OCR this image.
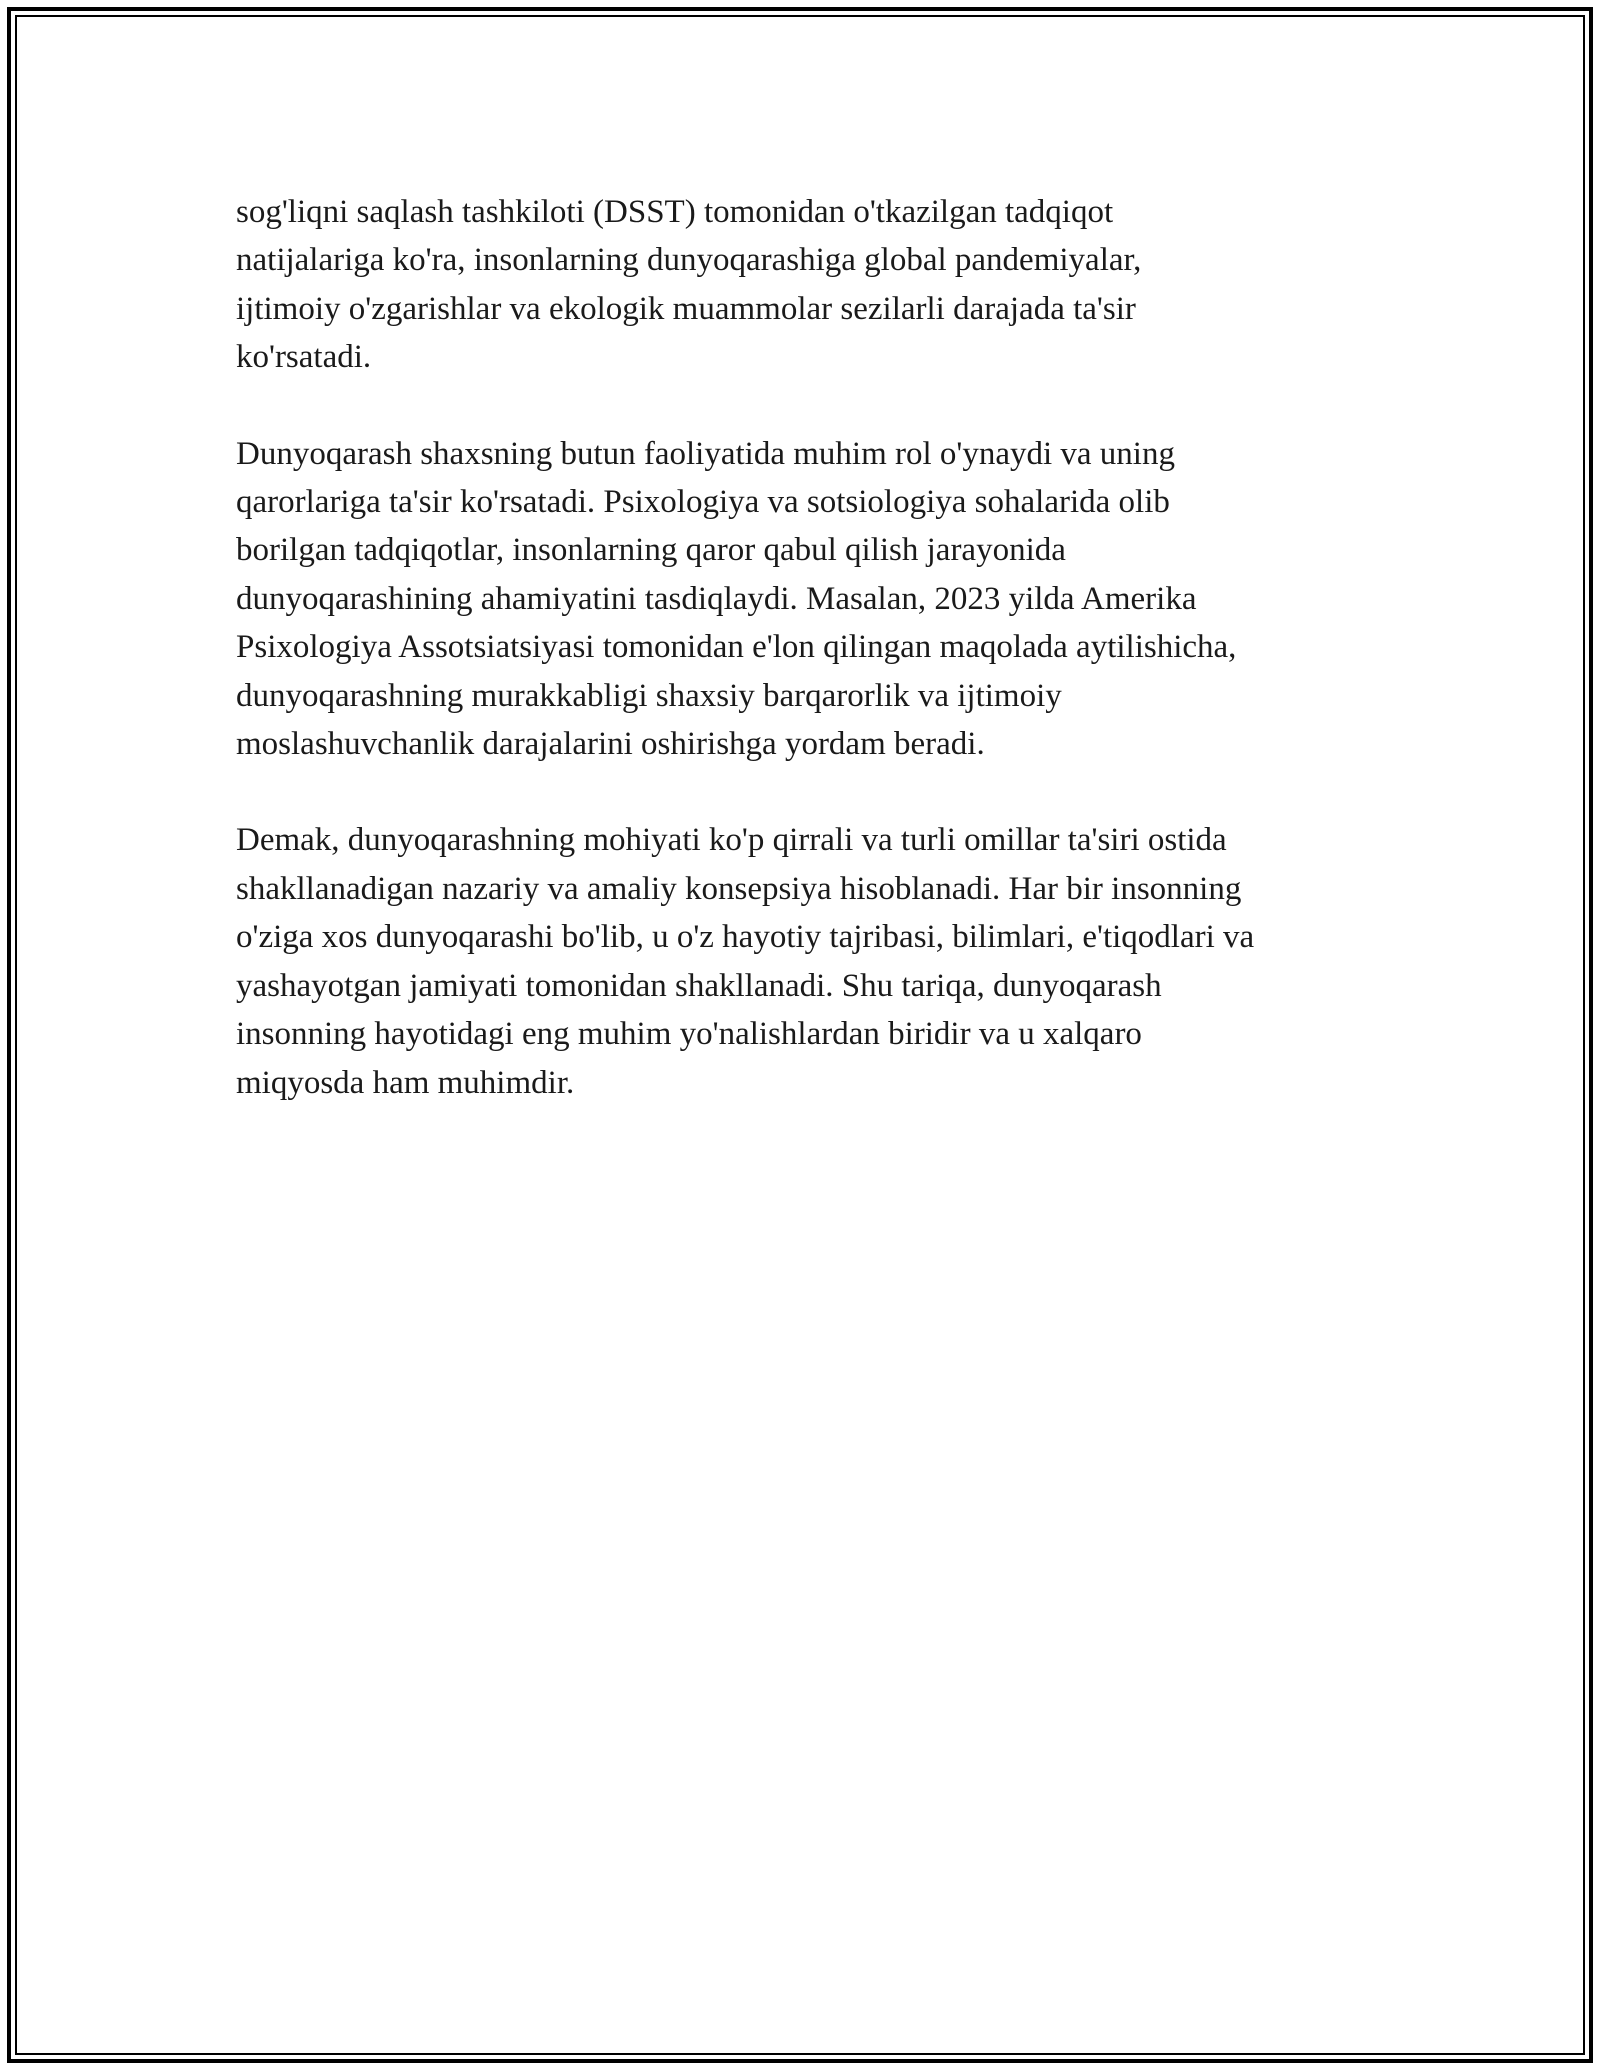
sog'liqni saqlash tashkiloti (DSST) tomonidan o'tkazilgan tadqiqot
natijalariga ko'ra, insonlarning dunyoqarashiga global pandemiyalar,
ijtimoiy o'zgarishlar va ekologik muammolar sezilarli darajada ta'sir
ko'rsatadi.

Dunyoqarash shaxsning butun faoliyatida muhim rol o'ynaydi va uning
qarorlariga ta'sir ko'rsatadi. Psixologiya va sotsiologiya sohalarida olib
borilgan tadqiqotlar, insonlarning qaror qabul qilish jarayonida
dunyoqarashining ahamiyatini tasdiqlaydi. Masalan, 2023 yilda Amerika
Psixologiya Assotsiatsiyasi tomonidan e'lon qilingan maqolada aytilishicha,
dunyoqarashning murakkabligi shaxsiy barqarorlik va ijtimoiy
moslashuvchanlik darajalarini oshirishga yordam beradi.

Demak, dunyoqarashning mohiyati ko'p qirrali va turli omillar ta'siri ostida
shakllanadigan nazariy va amaliy konsepsiya hisoblanadi. Har bir insonning
o'ziga xos dunyoqarashi bo'lib, u o'z hayotiy tajribasi, bilimlari, e'tiqodlari va
yashayotgan jamiyati tomonidan shakllanadi. Shu tariqa, dunyoqarash
insonning hayotidagi eng muhim yo'nalishlardan biridir va u xalqaro
miqyosda ham muhimdir.
